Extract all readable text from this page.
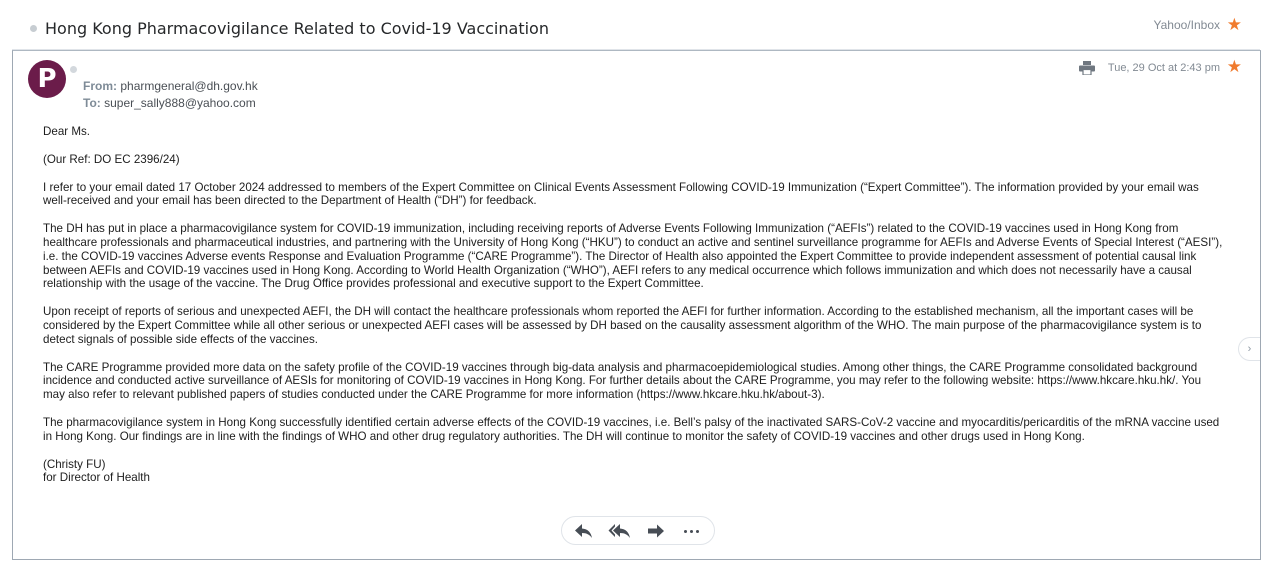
Hong Kong Pharmacovigilance Related to Covid-19 Vaccination	Yahoo/Inbox ★
P	From: pharmgeneral@dh.gov.hk
To: super_sally888@yahoo.com
Tue, 29 Oct at 2:43 pm ★

Dear Ms.

(Our Ref: DO EC 2396/24)

I refer to your email dated 17 October 2024 addressed to members of the Expert Committee on Clinical Events Assessment Following COVID-19 Immunization (“Expert Committee”). The information provided by your email was well-received and your email has been directed to the Department of Health (“DH”) for feedback.

The DH has put in place a pharmacovigilance system for COVID-19 immunization, including receiving reports of Adverse Events Following Immunization (“AEFIs”) related to the COVID-19 vaccines used in Hong Kong from healthcare professionals and pharmaceutical industries, and partnering with the University of Hong Kong (“HKU”) to conduct an active and sentinel surveillance programme for AEFIs and Adverse Events of Special Interest (“AESI”), i.e. the COVID-19 vaccines Adverse events Response and Evaluation Programme (“CARE Programme”). The Director of Health also appointed the Expert Committee to provide independent assessment of potential causal link between AEFIs and COVID-19 vaccines used in Hong Kong. According to World Health Organization (“WHO”), AEFI refers to any medical occurrence which follows immunization and which does not necessarily have a causal relationship with the usage of the vaccine. The Drug Office provides professional and executive support to the Expert Committee.

Upon receipt of reports of serious and unexpected AEFI, the DH will contact the healthcare professionals whom reported the AEFI for further information. According to the established mechanism, all the important cases will be considered by the Expert Committee while all other serious or unexpected AEFI cases will be assessed by DH based on the causality assessment algorithm of the WHO. The main purpose of the pharmacovigilance system is to detect signals of possible side effects of the vaccines.

The CARE Programme provided more data on the safety profile of the COVID-19 vaccines through big-data analysis and pharmacoepidemiological studies. Among other things, the CARE Programme consolidated background incidence and conducted active surveillance of AESIs for monitoring of COVID-19 vaccines in Hong Kong. For further details about the CARE Programme, you may refer to the following website: https://www.hkcare.hku.hk/. You may also refer to relevant published papers of studies conducted under the CARE Programme for more information (https://www.hkcare.hku.hk/about-3).

The pharmacovigilance system in Hong Kong successfully identified certain adverse effects of the COVID-19 vaccines, i.e. Bell’s palsy of the inactivated SARS-CoV-2 vaccine and myocarditis/pericarditis of the mRNA vaccine used in Hong Kong. Our findings are in line with the findings of WHO and other drug regulatory authorities. The DH will continue to monitor the safety of COVID-19 vaccines and other drugs used in Hong Kong.

(Christy FU)
for Director of Health
›
